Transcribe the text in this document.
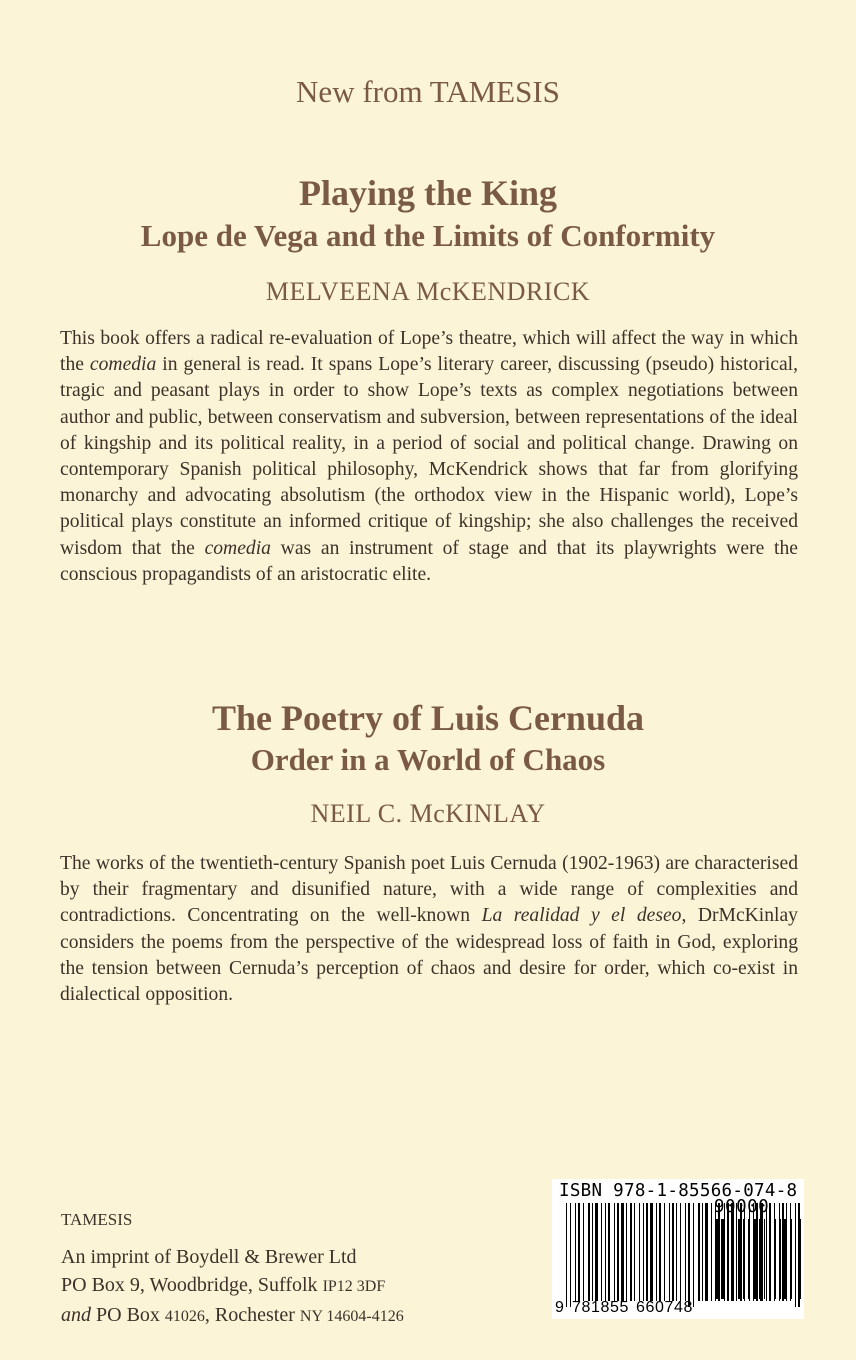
New from TAMESIS
Playing the King
Lope de Vega and the Limits of Conformity
MELVEENA McKENDRICK
This book offers a radical re-evaluation of Lope’s theatre, which will affect the way in which the comedia in general is read. It spans Lope’s literary career, discussing (pseudo) historical, tragic and peasant plays in order to show Lope’s texts as complex negotiations between author and public, between conservatism and subversion, between representations of the ideal of kingship and its political reality, in a period of social and political change. Drawing on contemporary Spanish political philosophy, McKendrick shows that far from glorifying monarchy and advocating absolutism (the orthodox view in the Hispanic world), Lope’s political plays constitute an informed critique of kingship; she also challenges the received wisdom that the comedia was an instrument of stage and that its playwrights were the conscious propagandists of an aristocratic elite.
The Poetry of Luis Cernuda
Order in a World of Chaos
NEIL C. McKINLAY
The works of the twentieth-century Spanish poet Luis Cernuda (1902-1963) are characterised by their fragmentary and disunified nature, with a wide range of complexities and contradictions. Concentrating on the well-known La realidad y el deseo, DrMcKinlay considers the poems from the perspective of the widespread loss of faith in God, exploring the tension between Cernuda’s perception of chaos and desire for order, which co-exist in dialectical opposition.
TAMESIS
An imprint of Boydell & Brewer Ltd
PO Box 9, Woodbridge, Suffolk IP12 3DF
and PO Box 41026, Rochester NY 14604-4126
ISBN 978-1-85566-074-8
90000
9 781855 660748
